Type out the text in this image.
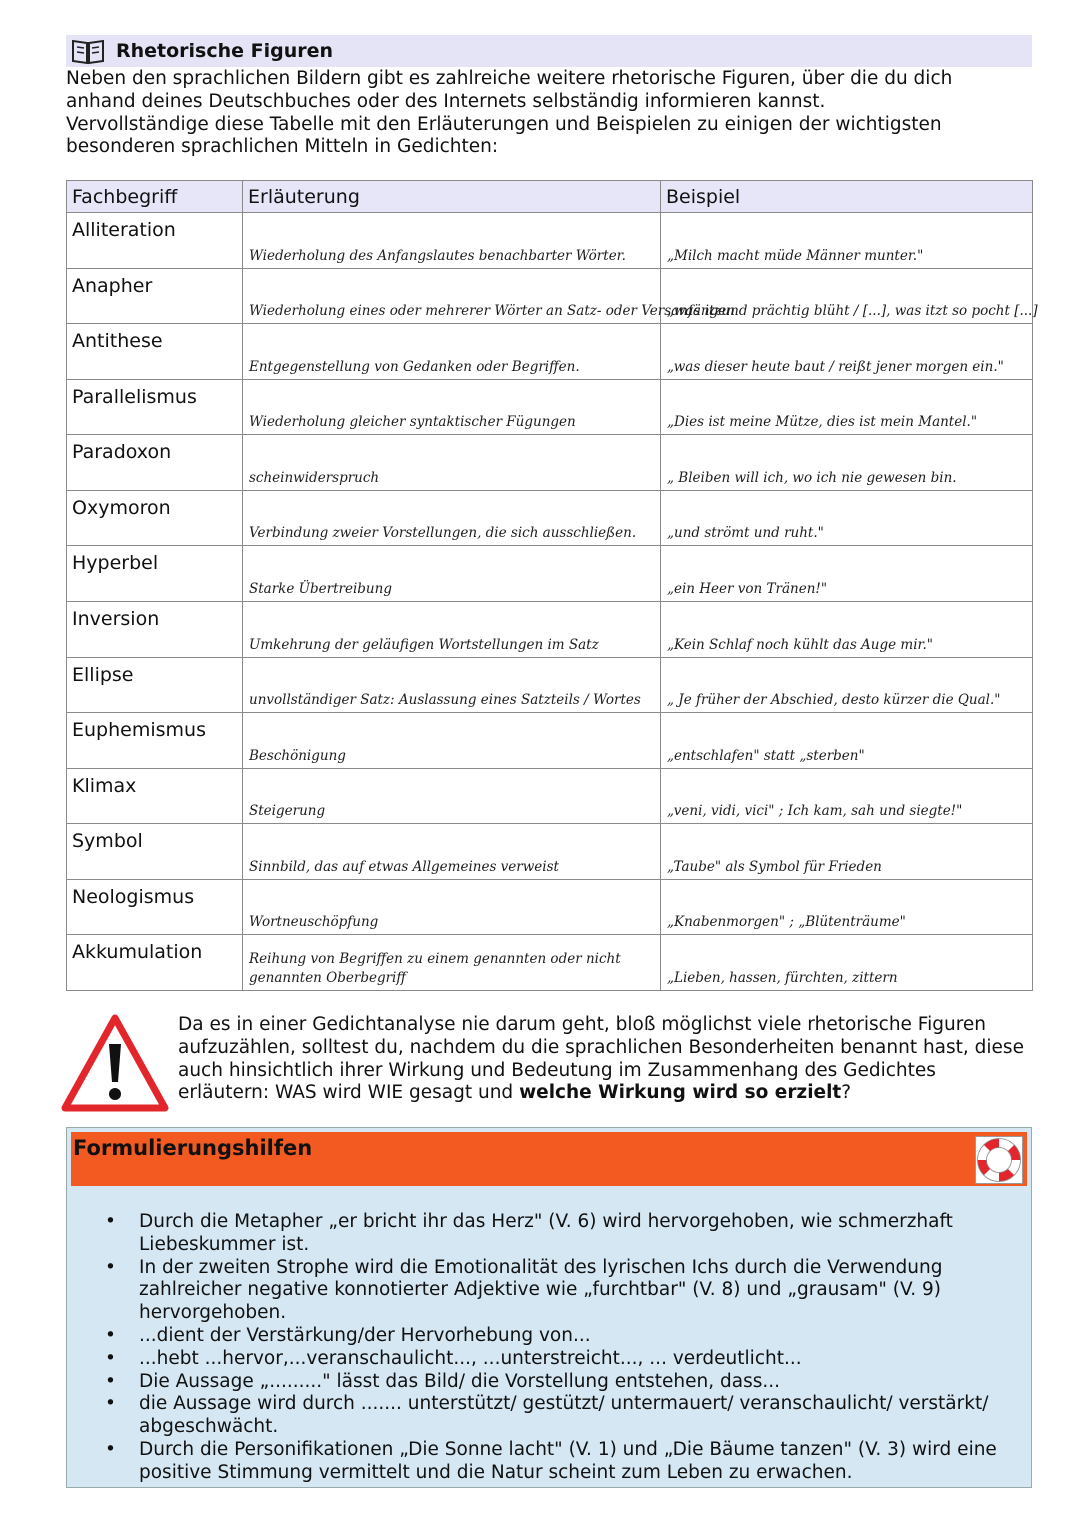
Rhetorische Figuren

Neben den sprachlichen Bildern gibt es zahlreiche weitere rhetorische Figuren, über die du dich

anhand deines Deutschbuches oder des Internets selbständig informieren kannst.

Vervollständige diese Tabelle mit den Erläuterungen und Beispielen zu einigen der wichtigsten

besonderen sprachlichen Mitteln in Gedichten:

Fachbegriff	Erläuterung	Beispiel
Alliteration	Wiederholung des Anfangslautes benachbarter Wörter.	„Milch macht müde Männer munter."

Anapher	Wiederholung eines oder mehrerer Wörter an Satz- oder Versanfängen	„was itzund prächtig blüht / [...], was itzt so pocht [...]

Antithese	Entgegenstellung von Gedanken oder Begriffen.	„was dieser heute baut / reißt jener morgen ein."

Parallelismus	Wiederholung gleicher syntaktischer Fügungen	„Dies ist meine Mütze, dies ist mein Mantel."

Paradoxon	scheinwiderspruch	„ Bleiben will ich, wo ich nie gewesen bin.

Oxymoron	Verbindung zweier Vorstellungen, die sich ausschließen.	„und strömt und ruht."

Hyperbel	Starke Übertreibung	„ein Heer von Tränen!"

Inversion	Umkehrung der geläufigen Wortstellungen im Satz	„Kein Schlaf noch kühlt das Auge mir."

Ellipse	unvollständiger Satz: Auslassung eines Satzteils / Wortes	„ Je früher der Abschied, desto kürzer die Qual."

Euphemismus	Beschönigung	„entschlafen" statt „sterben"

Klimax	Steigerung	„veni, vidi, vici" ; Ich kam, sah und siegte!"

Symbol	Sinnbild, das auf etwas Allgemeines verweist	„Taube" als Symbol für Frieden

Neologismus	Wortneuschöpfung	„Knabenmorgen" ; „Blütenträume"

Akkumulation	Reihung von Begriffen zu einem genannten oder nicht genannten Oberbegriff	„Lieben, hassen, fürchten, zittern

Da es in einer Gedichtanalyse nie darum geht, bloß möglichst viele rhetorische Figuren aufzuzählen, solltest du, nachdem du die sprachlichen Besonderheiten benannt hast, diese auch hinsichtlich ihrer Wirkung und Bedeutung im Zusammenhang des Gedichtes erläutern: WAS wird WIE gesagt und welche Wirkung wird so erzielt?

Formulierungshilfen
• Durch die Metapher „er bricht ihr das Herz" (V. 6) wird hervorgehoben, wie schmerzhaft Liebeskummer ist.
• In der zweiten Strophe wird die Emotionalität des lyrischen Ichs durch die Verwendung zahlreicher negative konnotierter Adjektive wie „furchtbar" (V. 8) und „grausam" (V. 9) hervorgehoben.
• ...dient der Verstärkung/der Hervorhebung von...
• ...hebt ...hervor,...veranschaulicht..., ...unterstreicht..., ... verdeutlicht...
• Die Aussage „........." lässt das Bild/ die Vorstellung entstehen, dass...
• die Aussage wird durch ....... unterstützt/ gestützt/ untermauert/ veranschaulicht/ verstärkt/ abgeschwächt.
• Durch die Personifikationen „Die Sonne lacht" (V. 1) und „Die Bäume tanzen" (V. 3) wird eine positive Stimmung vermittelt und die Natur scheint zum Leben zu erwachen.
